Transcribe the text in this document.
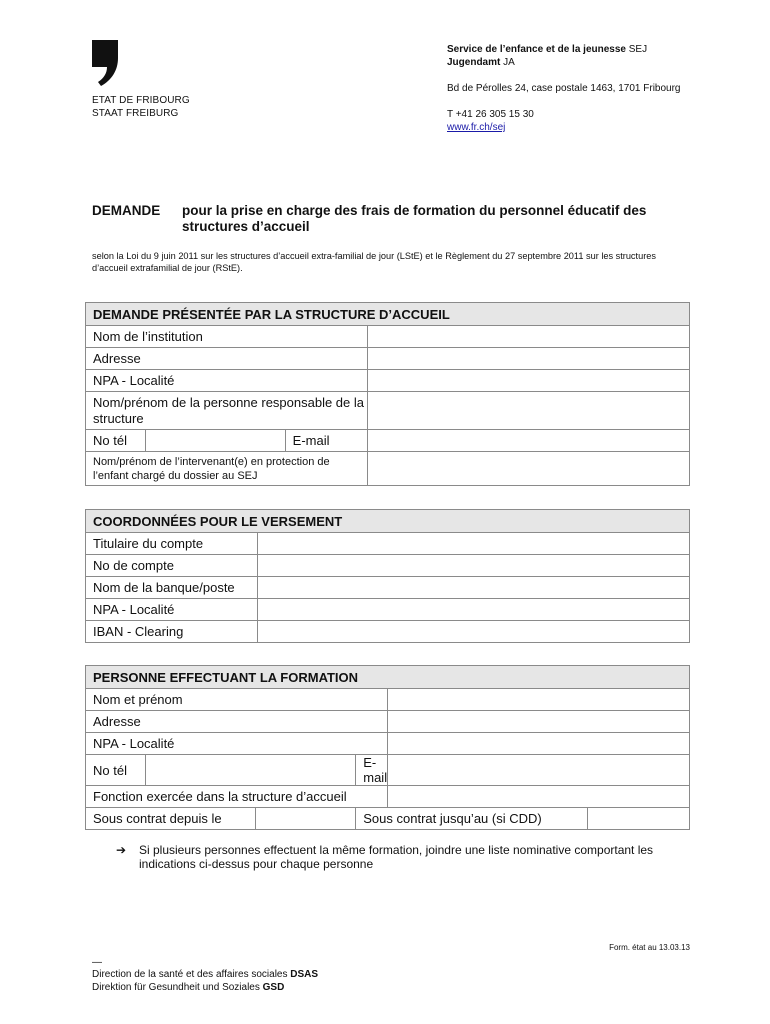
ETAT DE FRIBOURG
STAAT FREIBURG
Service de l’enfance et de la jeunesse SEJ
Jugendamt JA
Bd de Pérolles 24, case postale 1463, 1701 Fribourg
T +41 26 305 15 30
www.fr.ch/sej
DEMANDE pour la prise en charge des frais de formation du personnel éducatif des structures d’accueil
selon la Loi du 9 juin 2011 sur les structures d’accueil extra-familial de jour (LStE) et le Règlement du 27 septembre 2011 sur les structures d’accueil extrafamilial de jour (RStE).
DEMANDE PRÉSENTÉE PAR LA STRUCTURE D’ACCUEIL			
Nom de l’institution			
Adresse			
NPA - Localité			
Nom/prénom de la personne responsable de la structure			
No tél		E-mail	
Nom/prénom de l’intervenant(e) en protection de l’enfant chargé du dossier au SEJ			
COORDONNÉES POUR LE VERSEMENT	
Titulaire du compte	
No de compte	
Nom de la banque/poste	
NPA - Localité	
IBAN - Clearing	
PERSONNE EFFECTUANT LA FORMATION					
Nom et prénom					
Adresse					
NPA - Localité					
No tél			E-mail		
Fonction exercée dans la structure d’accueil					
Sous contrat depuis le			Sous contrat jusqu’au (si CDD)		
➔ Si plusieurs personnes effectuent la même formation, joindre une liste nominative comportant les indications ci-dessus pour chaque personne
Form. état au 13.03.13
—
Direction de la santé et des affaires sociales DSAS
Direktion für Gesundheit und Soziales GSD
